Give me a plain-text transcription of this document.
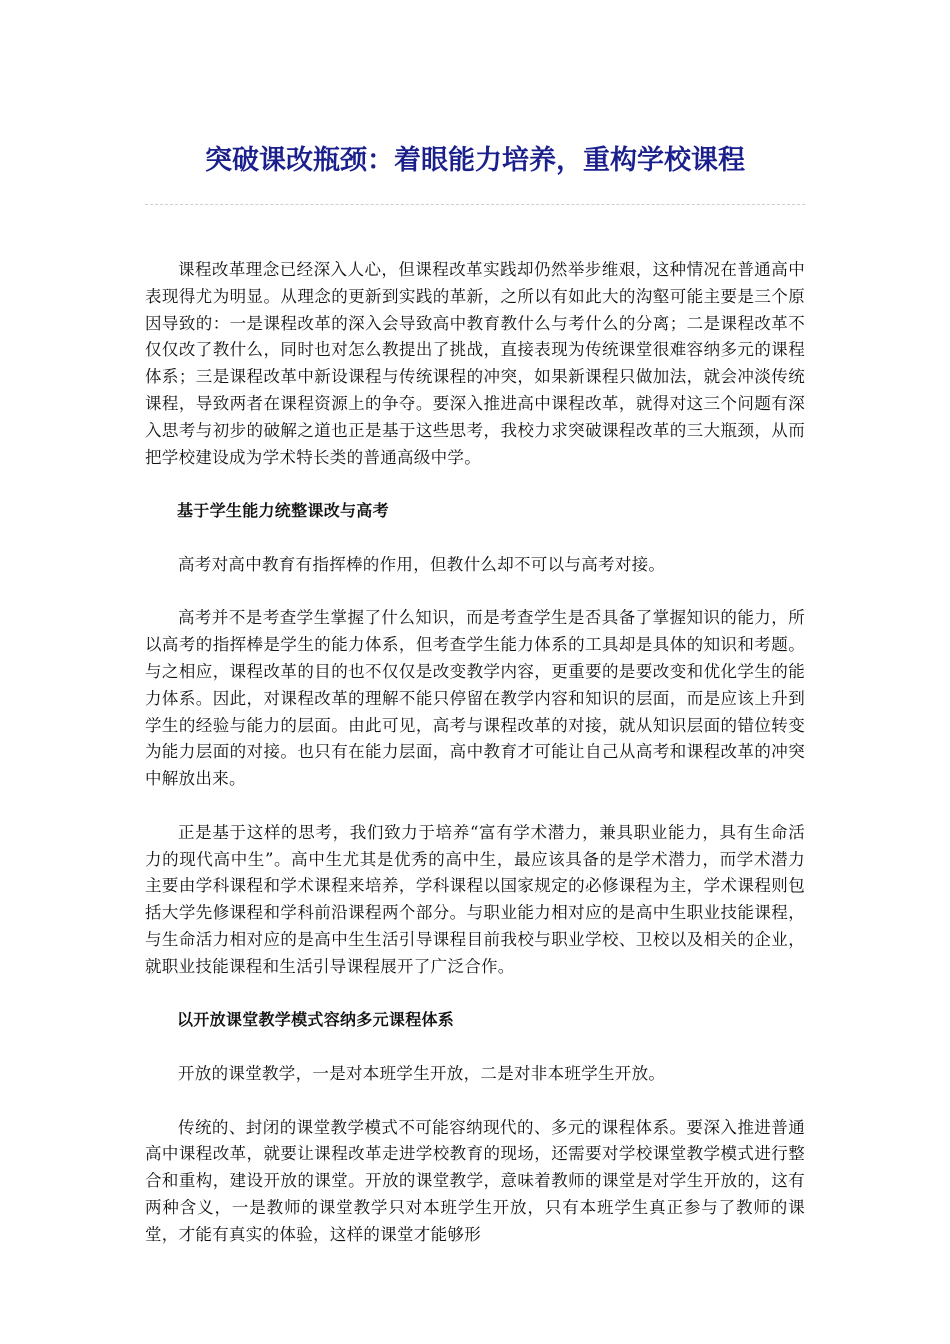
突破课改瓶颈：着眼能力培养，重构学校课程

课程改革理念已经深入人心，但课程改革实践却仍然举步维艰，这种情况在普通高中表现得尤为明显。从理念的更新到实践的革新，之所以有如此大的沟壑可能主要是三个原因导致的：一是课程改革的深入会导致高中教育教什么与考什么的分离；二是课程改革不仅仅改了教什么，同时也对怎么教提出了挑战，直接表现为传统课堂很难容纳多元的课程体系；三是课程改革中新设课程与传统课程的冲突，如果新课程只做加法，就会冲淡传统课程，导致两者在课程资源上的争夺。要深入推进高中课程改革，就得对这三个问题有深入思考与初步的破解之道也正是基于这些思考，我校力求突破课程改革的三大瓶颈，从而把学校建设成为学术特长类的普通高级中学。

基于学生能力统整课改与高考

高考对高中教育有指挥棒的作用，但教什么却不可以与高考对接。

高考并不是考查学生掌握了什么知识，而是考查学生是否具备了掌握知识的能力，所以高考的指挥棒是学生的能力体系，但考查学生能力体系的工具却是具体的知识和考题。与之相应，课程改革的目的也不仅仅是改变教学内容，更重要的是要改变和优化学生的能力体系。因此，对课程改革的理解不能只停留在教学内容和知识的层面，而是应该上升到学生的经验与能力的层面。由此可见，高考与课程改革的对接，就从知识层面的错位转变为能力层面的对接。也只有在能力层面，高中教育才可能让自己从高考和课程改革的冲突中解放出来。

正是基于这样的思考，我们致力于培养“富有学术潜力，兼具职业能力，具有生命活力的现代高中生”。高中生尤其是优秀的高中生，最应该具备的是学术潜力，而学术潜力主要由学科课程和学术课程来培养，学科课程以国家规定的必修课程为主，学术课程则包括大学先修课程和学科前沿课程两个部分。与职业能力相对应的是高中生职业技能课程，与生命活力相对应的是高中生生活引导课程目前我校与职业学校、卫校以及相关的企业，就职业技能课程和生活引导课程展开了广泛合作。

以开放课堂教学模式容纳多元课程体系

开放的课堂教学，一是对本班学生开放，二是对非本班学生开放。

传统的、封闭的课堂教学模式不可能容纳现代的、多元的课程体系。要深入推进普通高中课程改革，就要让课程改革走进学校教育的现场，还需要对学校课堂教学模式进行整合和重构，建设开放的课堂。开放的课堂教学，意味着教师的课堂是对学生开放的，这有两种含义，一是教师的课堂教学只对本班学生开放，只有本班学生真正参与了教师的课堂，才能有真实的体验，这样的课堂才能够形
